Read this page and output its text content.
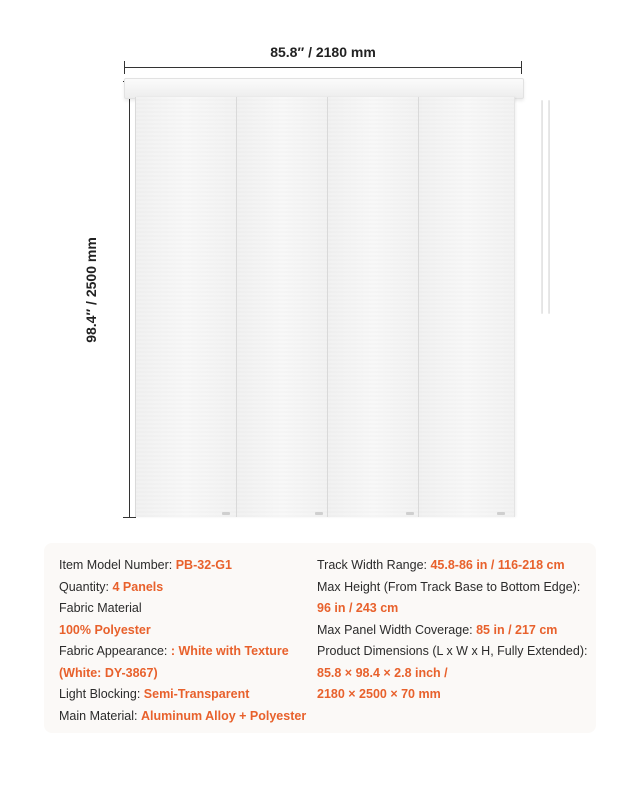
85.8″ / 2180 mm
98.4″ / 2500 mm
Item Model Number: PB-32-G1
Quantity: 4 Panels
Fabric Material
100% Polyester
Fabric Appearance: : White with Texture
(White: DY-3867)
Light Blocking: Semi-Transparent
Main Material: Aluminum Alloy + Polyester
Track Width Range: 45.8-86 in / 116-218 cm
Max Height (From Track Base to Bottom Edge):
96 in / 243 cm
Max Panel Width Coverage: 85 in / 217 cm
Product Dimensions (L x W x H, Fully Extended):
85.8 × 98.4 × 2.8 inch /
2180 × 2500 × 70 mm
